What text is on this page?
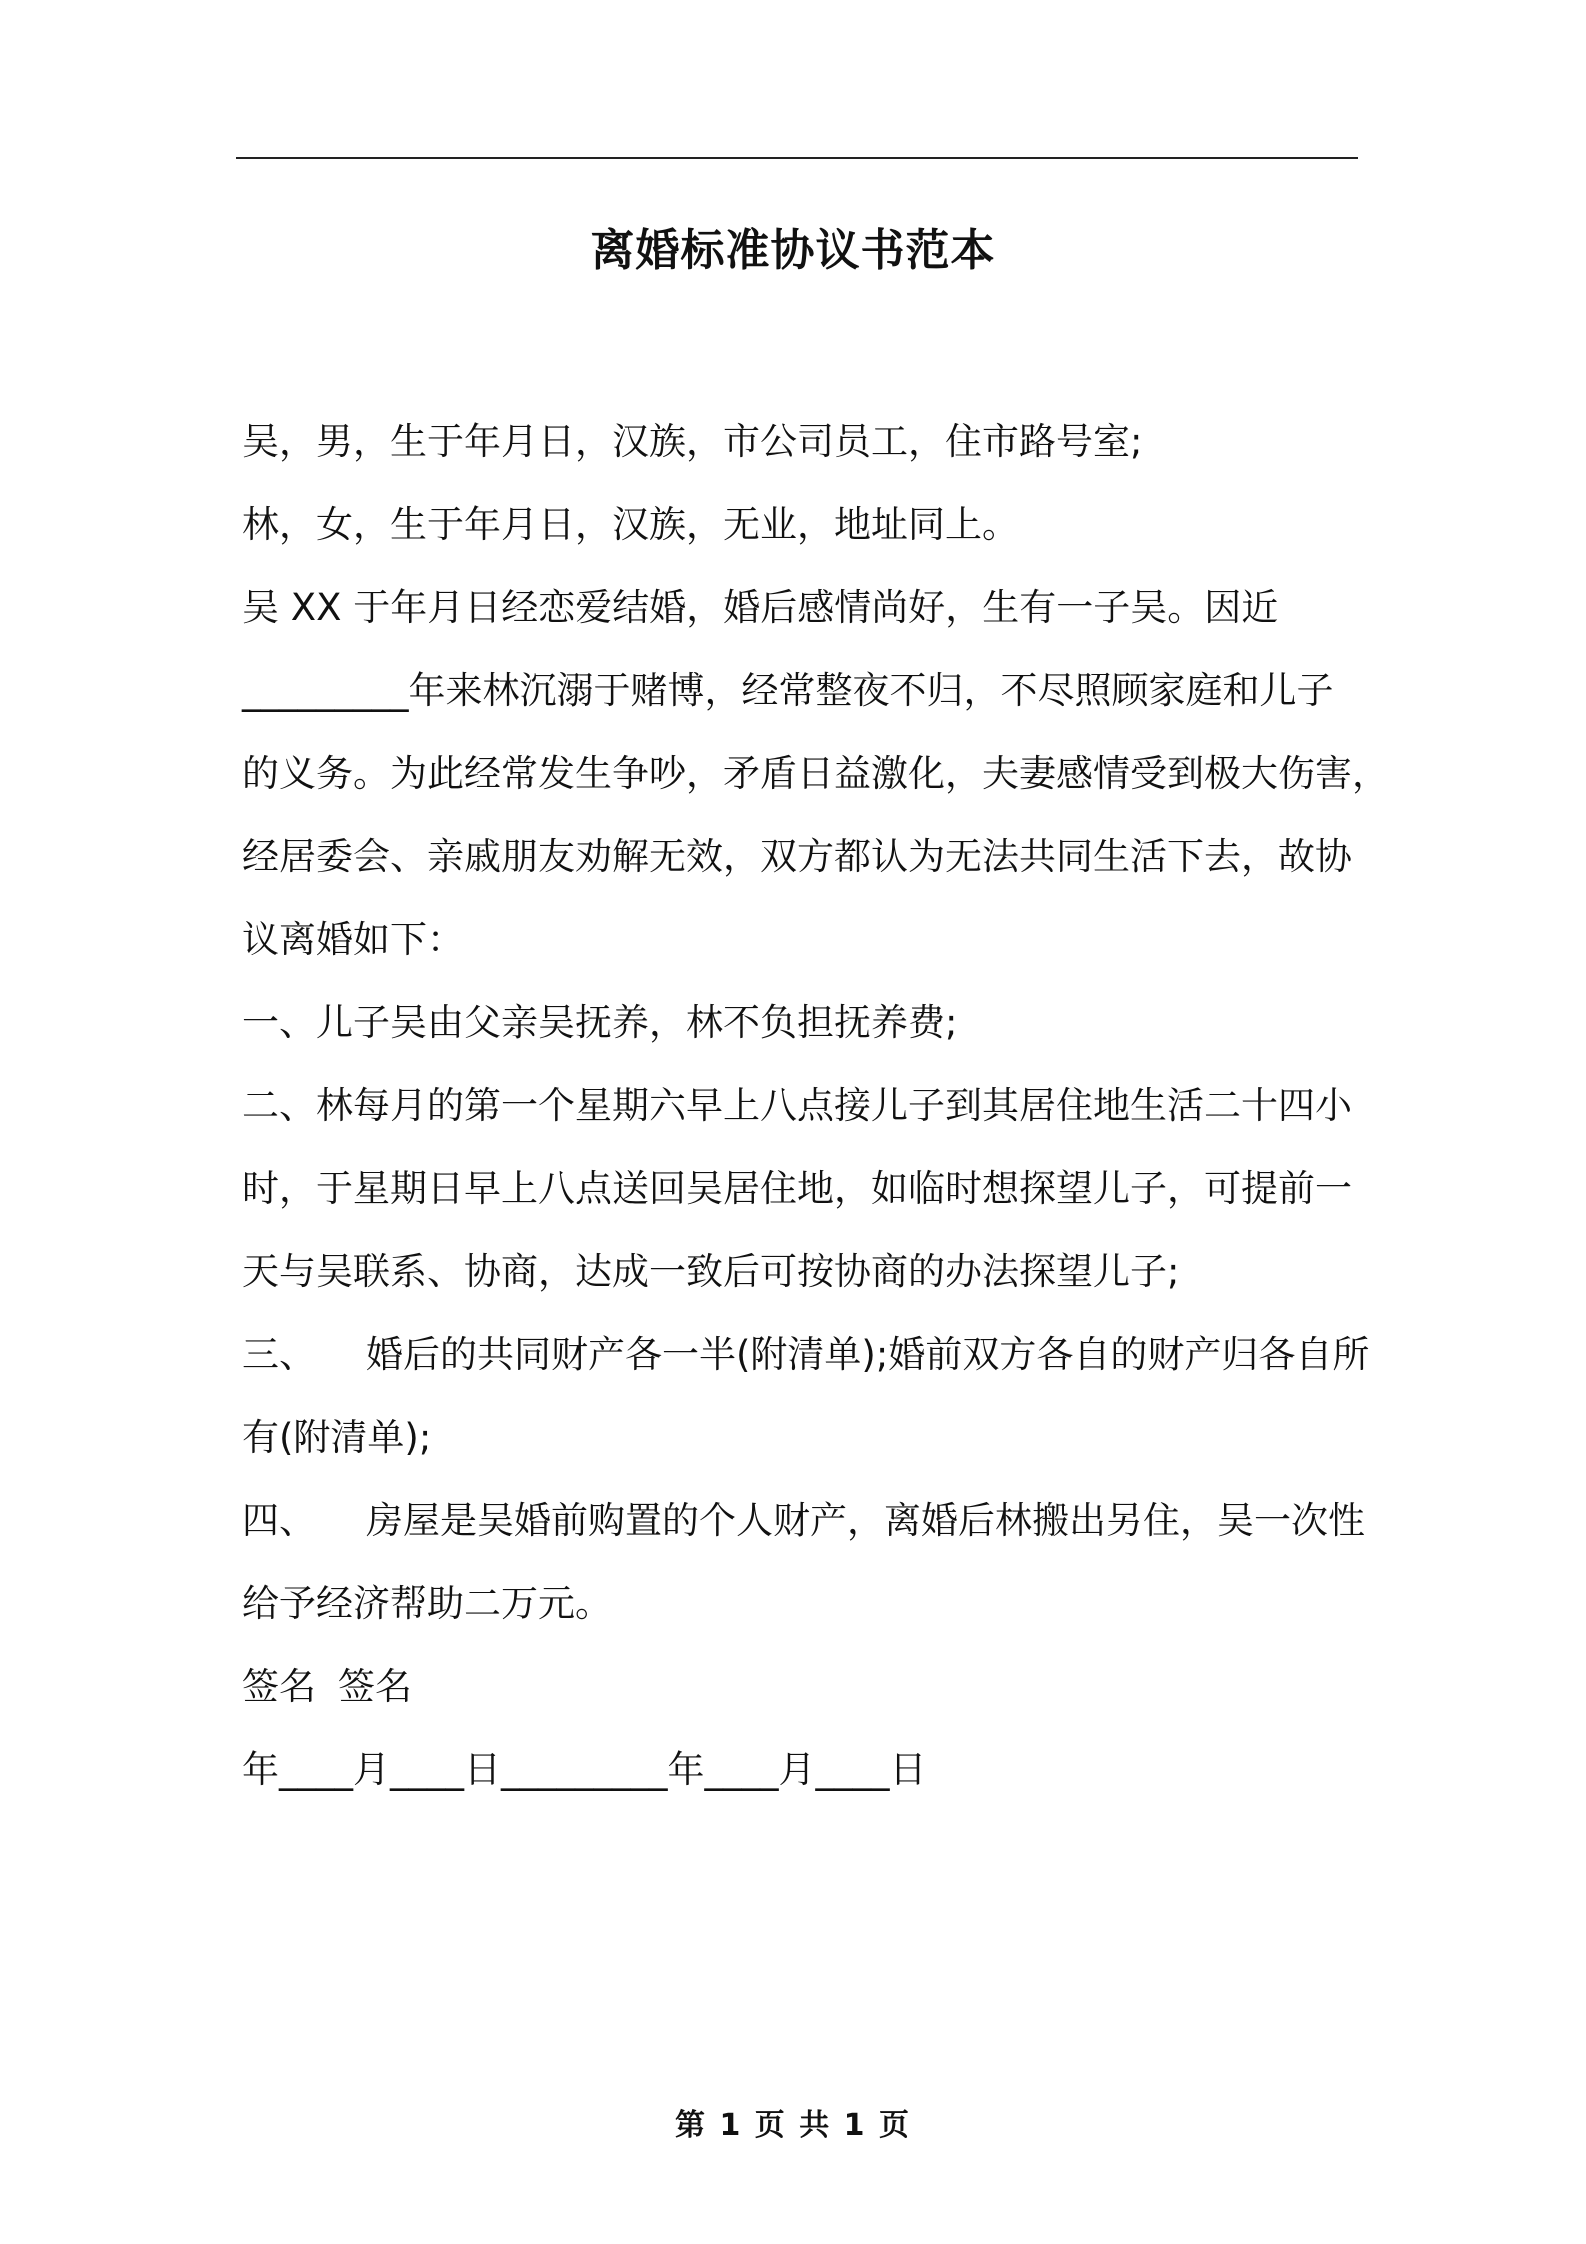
离婚标准协议书范本

吴，男，生于年月日，汉族，市公司员工，住市路号室;

林，女，生于年月日，汉族，无业，地址同上。

吴 XX 于年月日经恋爱结婚，婚后感情尚好，生有一子吴。因近

_________年来林沉溺于赌博，经常整夜不归，不尽照顾家庭和儿子

的义务。为此经常发生争吵，矛盾日益激化，夫妻感情受到极大伤害，

经居委会、亲戚朋友劝解无效，双方都认为无法共同生活下去，故协

议离婚如下：

一、儿子吴由父亲吴抚养，林不负担抚养费;

二、林每月的第一个星期六早上八点接儿子到其居住地生活二十四小

时，于星期日早上八点送回吴居住地，如临时想探望儿子，可提前一

天与吴联系、协商，达成一致后可按协商的办法探望儿子;

三、 婚后的共同财产各一半(附清单);婚前双方各自的财产归各自所

有(附清单);

四、 房屋是吴婚前购置的个人财产，离婚后林搬出另住，吴一次性

给予经济帮助二万元。

签名 签名

年____月____日_________年____月____日

第 1 页 共 1 页
